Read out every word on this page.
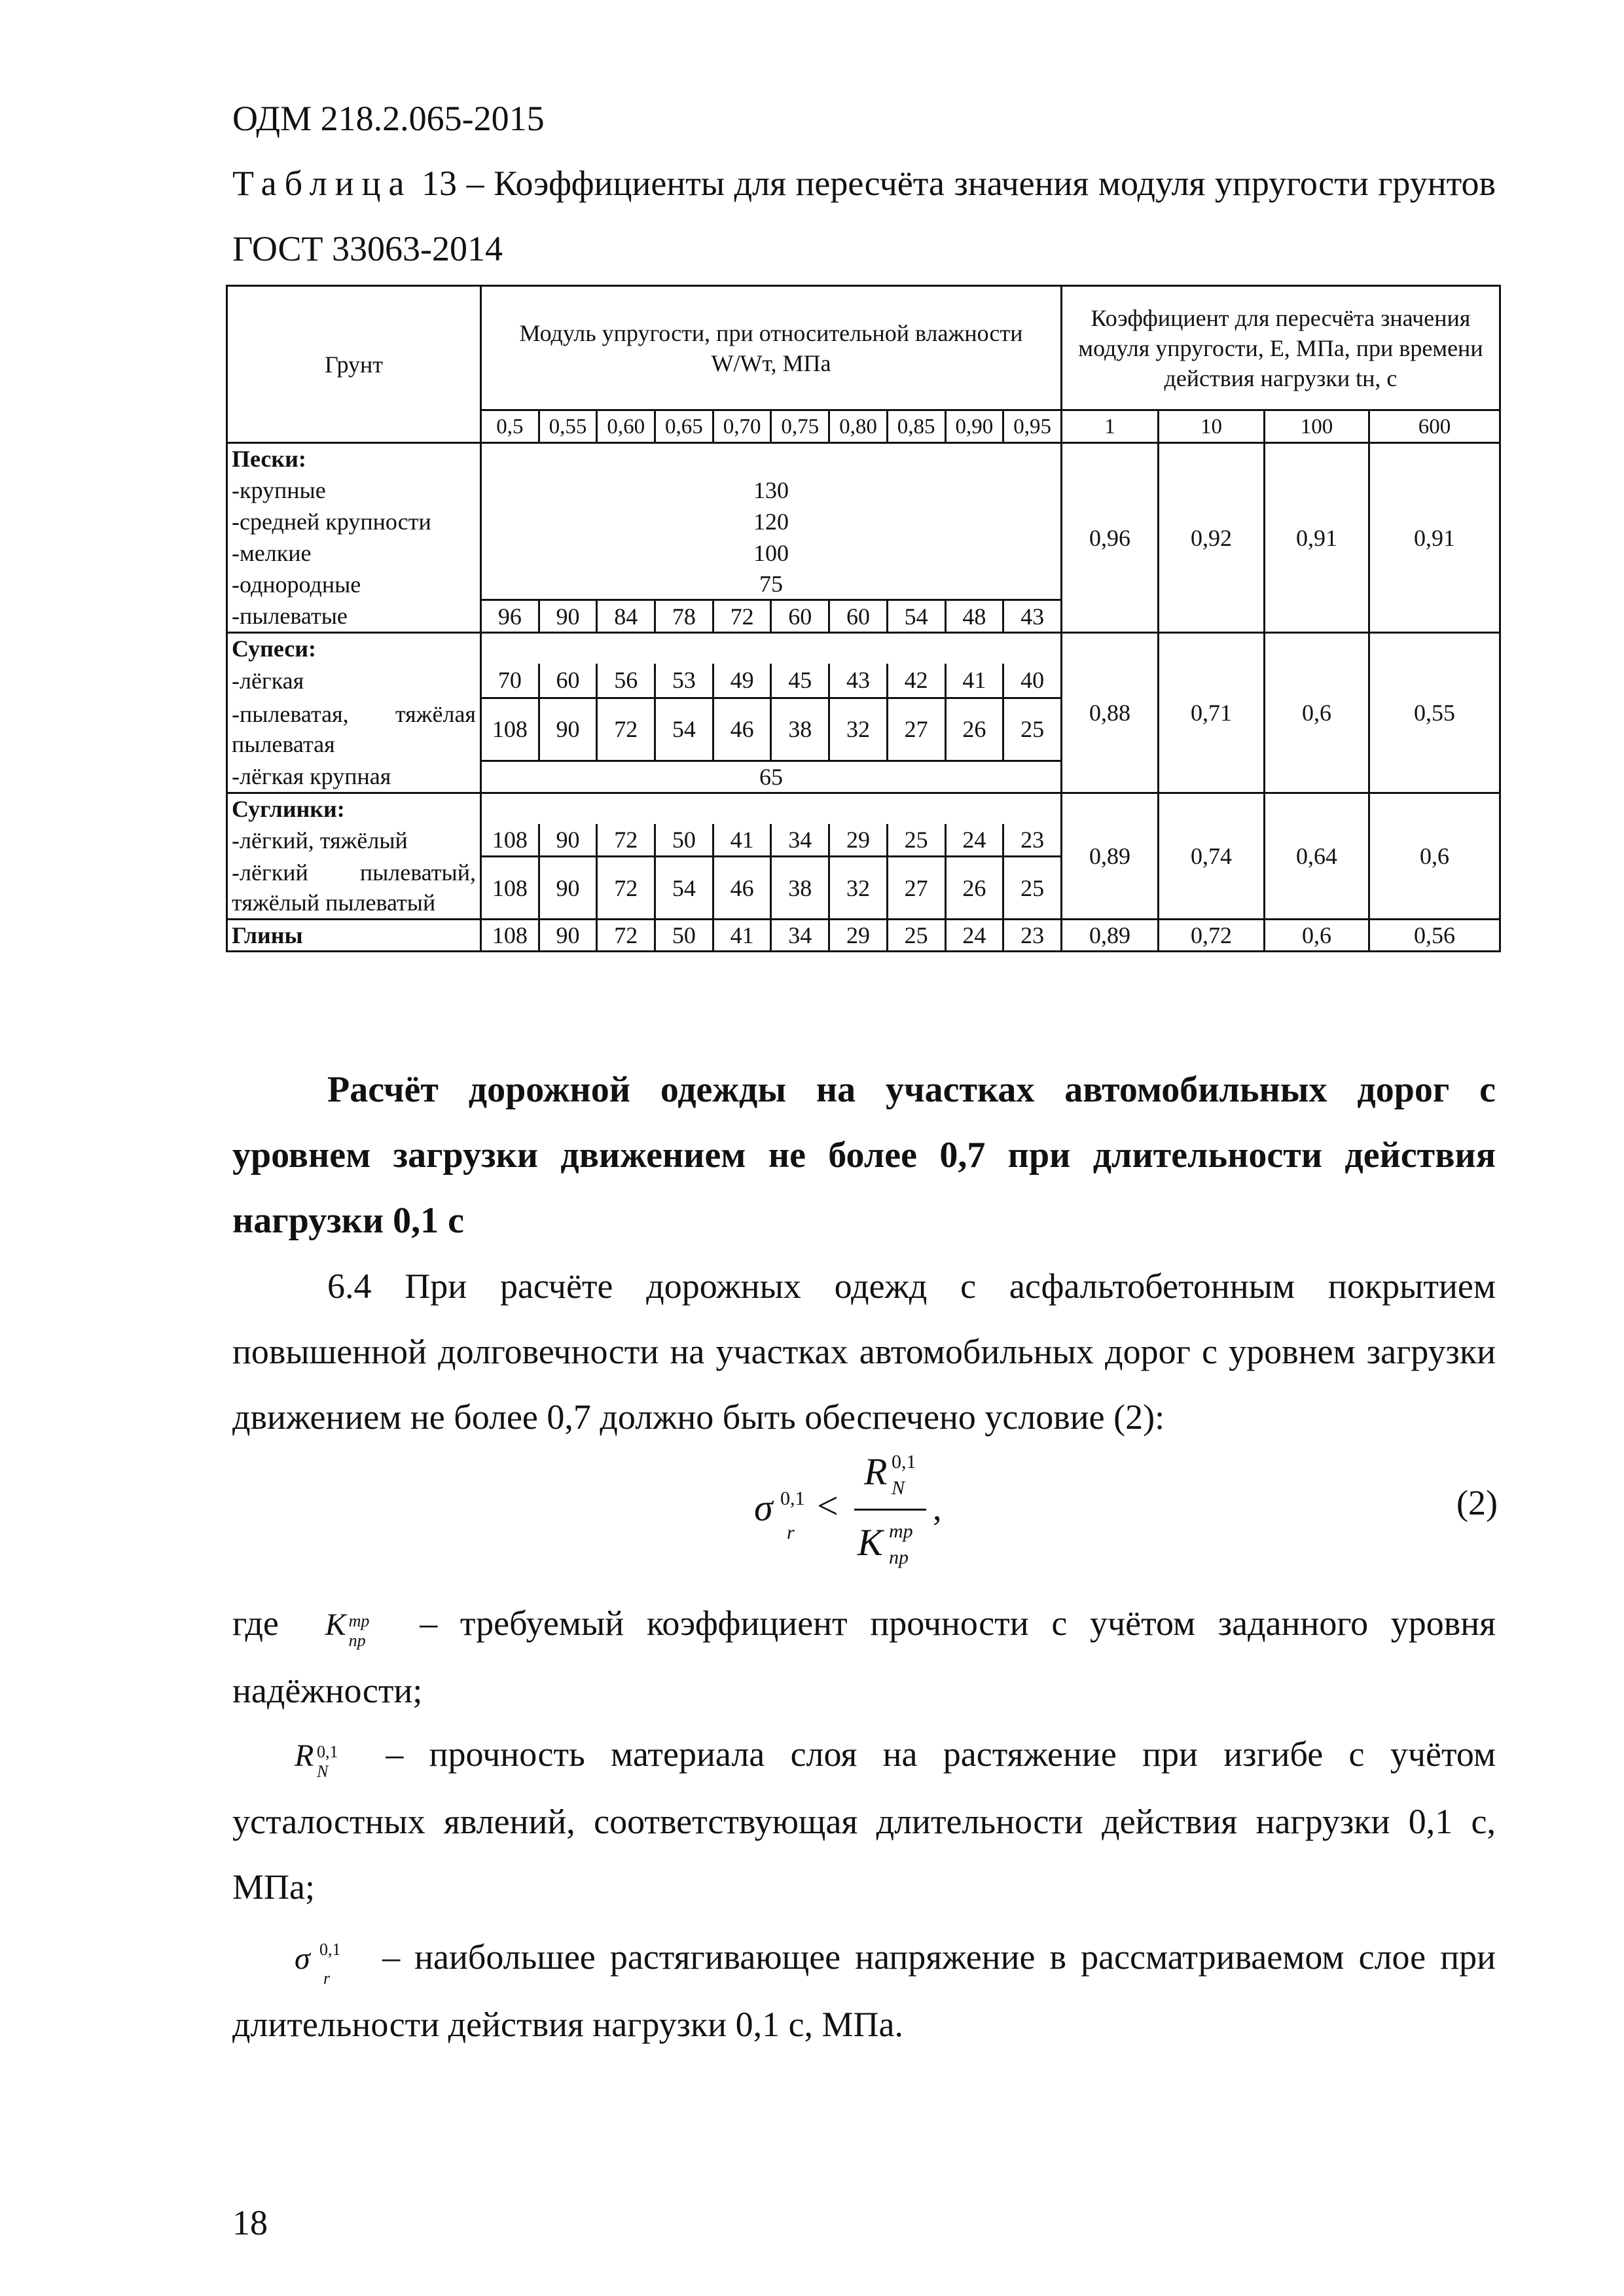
ОДМ 218.2.065-2015
Таблица 13 – Коэффициенты для пересчёта значения модуля упругости грунтов ГОСТ 33063-2014
Грунт	Модуль упругости, при относительной влажности W/Wт, МПа										Коэффициент для пересчёта значения модуля упругости, E, МПа, при времени действия нагрузки tн, с			
	0,5	0,55	0,60	0,65	0,70	0,75	0,80	0,85	0,90	0,95	1	10	100	600
Пески:											0,96	0,92	0,91	0,91
-крупные	130													
-средней крупности	120													
-мелкие	100													
-однородные	75													
-пылеватые	96	90	84	78	72	60	60	54	48	43				
Супеси:											0,88	0,71	0,6	0,55
-лёгкая	70	60	56	53	49	45	43	42	41	40				
-пылеватая, тяжёлая пылеватая	108	90	72	54	46	38	32	27	26	25				
-лёгкая крупная	65													
Суглинки:											0,89	0,74	0,64	0,6
-лёгкий, тяжёлый	108	90	72	50	41	34	29	25	24	23				
-лёгкий пылеватый, тяжёлый пылеватый	108	90	72	54	46	38	32	27	26	25				
Глины	108	90	72	50	41	34	29	25	24	23	0,89	0,72	0,6	0,56
Расчёт дорожной одежды на участках автомобильных дорог с уровнем загрузки движением не более 0,7 при длительности действия нагрузки 0,1 с
6.4 При расчёте дорожных одежд с асфальтобетонным покрытием повышенной долговечности на участках автомобильных дорог с уровнем загрузки движением не более 0,7 должно быть обеспечено условие (2):
σ 0,1
r
<
R 0,1
N
K mp
np
,	(2)
где K mp
np – требуемый коэффициент прочности с учётом заданного уровня надёжности;
R 0,1
N – прочность материала слоя на растяжение при изгибе с учётом усталостных явлений, соответствующая длительности действия нагрузки 0,1 с, МПа;
σ 0,1
r
– наибольшее растягивающее напряжение в рассматриваемом слое при длительности действия нагрузки 0,1 с, МПа.
18
